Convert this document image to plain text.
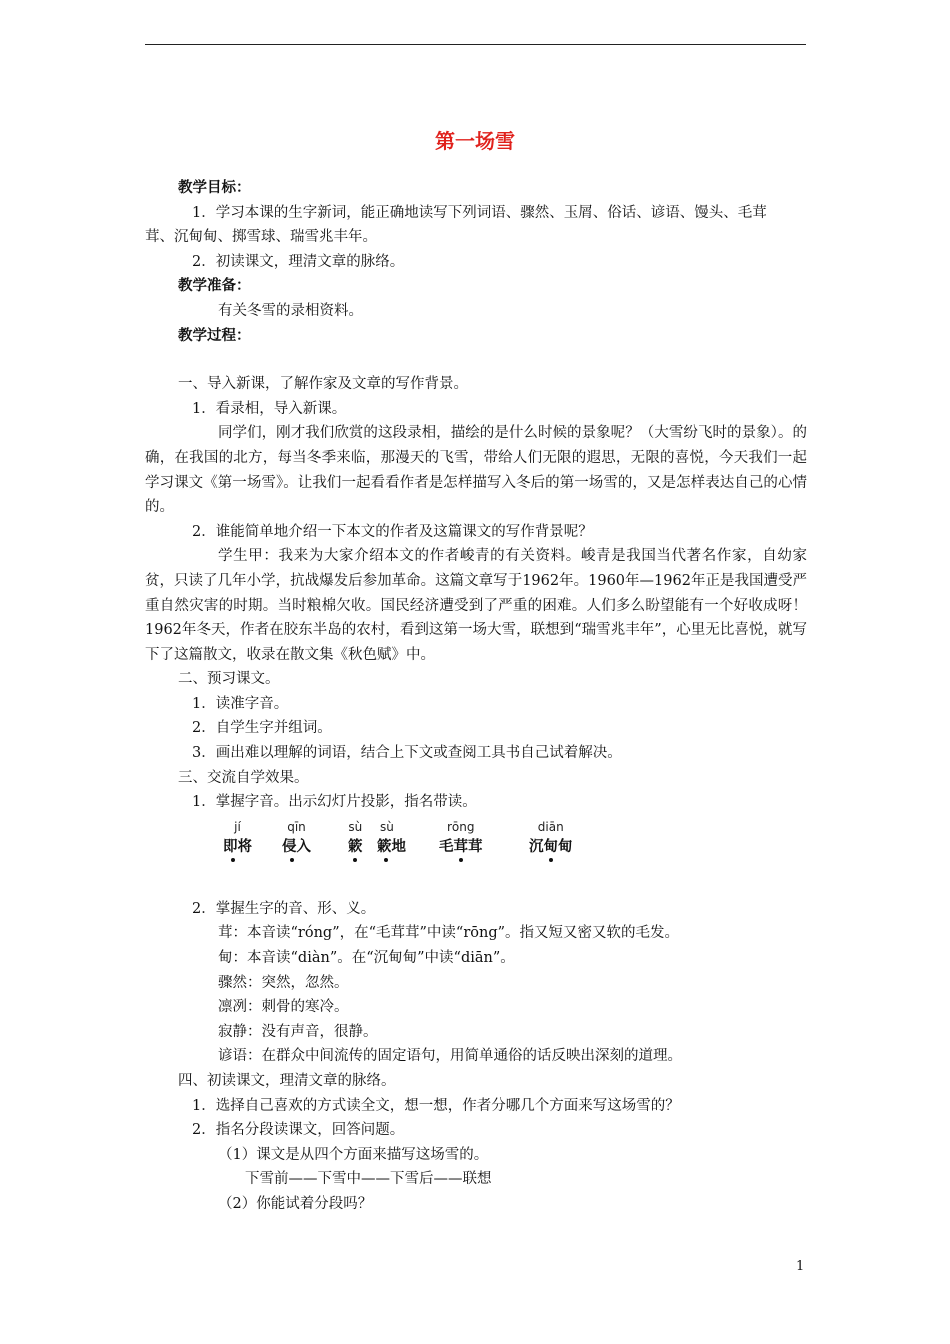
第一场雪

教学目标：

1．学习本课的生字新词，能正确地读写下列词语、骤然、玉屑、俗话、谚语、馒头、毛茸

茸、沉甸甸、掷雪球、瑞雪兆丰年。

2．初读课文，理清文章的脉络。

教学准备：

有关冬雪的录相资料。

教学过程：

一、导入新课，了解作家及文章的写作背景。

1．看录相，导入新课。

同学们，刚才我们欣赏的这段录相，描绘的是什么时候的景象呢？（大雪纷飞时的景象）。的确，在我国的北方，每当冬季来临，那漫天的飞雪，带给人们无限的遐思，无限的喜悦，今天我们一起学习课文《第一场雪》。让我们一起看看作者是怎样描写入冬后的第一场雪的，又是怎样表达自己的心情的。

2．谁能简单地介绍一下本文的作者及这篇课文的写作背景呢？

学生甲：我来为大家介绍本文的作者峻青的有关资料。峻青是我国当代著名作家，自幼家贫，只读了几年小学，抗战爆发后参加革命。这篇文章写于1962年。1960年—1962年正是我国遭受严重自然灾害的时期。当时粮棉欠收。国民经济遭受到了严重的困难。人们多么盼望能有一个好收成呀！1962年冬天，作者在胶东半岛的农村，看到这第一场大雪，联想到“瑞雪兆丰年”，心里无比喜悦，就写下了这篇散文，收录在散文集《秋色赋》中。

二、预习课文。

1．读准字音。

2．自学生字并组词。

3．画出难以理解的词语，结合上下文或查阅工具书自己试着解决。

三、交流自学效果。

1．掌握字音。出示幻灯片投影，指名带读。

jí
即将
qīn
侵入
sù
簌
sù
簌地
rōng
毛茸茸
diān
沉甸甸

2．掌握生字的音、形、义。

茸：本音读“róng”，在“毛茸茸”中读“rōng”。指又短又密又软的毛发。

甸：本音读“diàn”。在“沉甸甸”中读“diān”。

骤然：突然，忽然。

凛冽：刺骨的寒冷。

寂静：没有声音，很静。

谚语：在群众中间流传的固定语句，用简单通俗的话反映出深刻的道理。

四、初读课文，理清文章的脉络。

1．选择自己喜欢的方式读全文，想一想，作者分哪几个方面来写这场雪的？

2．指名分段读课文，回答问题。

（1）课文是从四个方面来描写这场雪的。

下雪前——下雪中——下雪后——联想

（2）你能试着分段吗？

1
